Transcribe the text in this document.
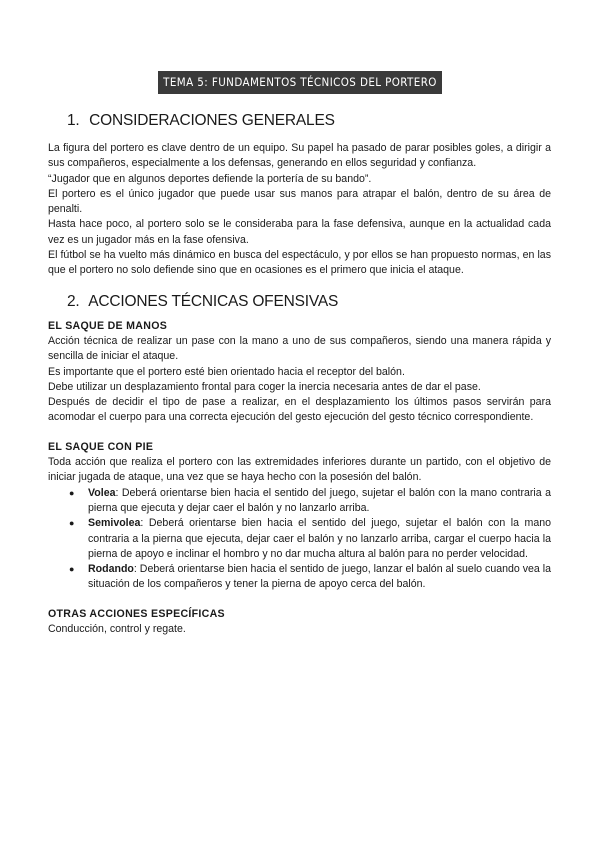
TEMA 5: FUNDAMENTOS TÉCNICOS DEL PORTERO
1. CONSIDERACIONES GENERALES

La figura del portero es clave dentro de un equipo. Su papel ha pasado de parar posibles goles, a dirigir a sus compañeros, especialmente a los defensas, generando en ellos seguridad y confianza.

“Jugador que en algunos deportes defiende la portería de su bando”.

El portero es el único jugador que puede usar sus manos para atrapar el balón, dentro de su área de penalti.

Hasta hace poco, al portero solo se le consideraba para la fase defensiva, aunque en la actualidad cada vez es un jugador más en la fase ofensiva.

El fútbol se ha vuelto más dinámico en busca del espectáculo, y por ellos se han propuesto normas, en las que el portero no solo defiende sino que en ocasiones es el primero que inicia el ataque.

2. ACCIONES TÉCNICAS OFENSIVAS
EL SAQUE DE MANOS

Acción técnica de realizar un pase con la mano a uno de sus compañeros, siendo una manera rápida y sencilla de iniciar el ataque.

Es importante que el portero esté bien orientado hacia el receptor del balón.

Debe utilizar un desplazamiento frontal para coger la inercia necesaria antes de dar el pase.

Después de decidir el tipo de pase a realizar, en el desplazamiento los últimos pasos servirán para acomodar el cuerpo para una correcta ejecución del gesto ejecución del gesto técnico correspondiente.

EL SAQUE CON PIE

Toda acción que realiza el portero con las extremidades inferiores durante un partido, con el objetivo de iniciar jugada de ataque, una vez que se haya hecho con la posesión del balón.

● Volea: Deberá orientarse bien hacia el sentido del juego, sujetar el balón con la mano contraria a pierna que ejecuta y dejar caer el balón y no lanzarlo arriba.
● Semivolea: Deberá orientarse bien hacia el sentido del juego, sujetar el balón con la mano contraria a la pierna que ejecuta, dejar caer el balón y no lanzarlo arriba, cargar el cuerpo hacia la pierna de apoyo e inclinar el hombro y no dar mucha altura al balón para no perder velocidad.
● Rodando: Deberá orientarse bien hacia el sentido de juego, lanzar el balón al suelo cuando vea la situación de los compañeros y tener la pierna de apoyo cerca del balón.
OTRAS ACCIONES ESPECÍFICAS

Conducción, control y regate.
